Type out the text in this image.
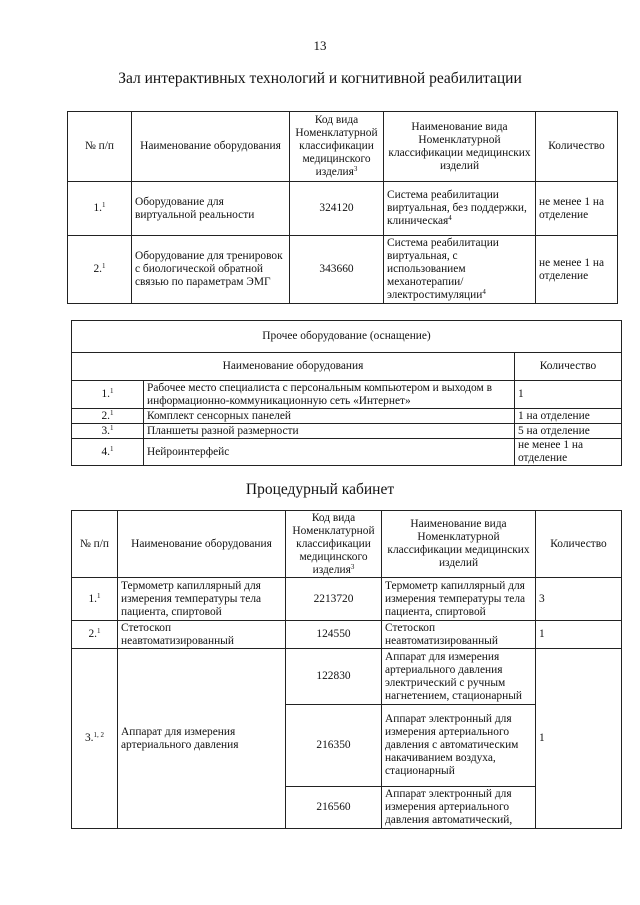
13
Зал интерактивных технологий и когнитивной реабилитации
№ п/п	Наименование оборудования	Код вида Номенклатурной классификации медицинского изделия$^3$	Наименование вида Номенклатурной классификации медицинских изделий	Количество
1.$^1$	Оборудование для виртуальной реальности	324120	Система реабилитации виртуальная, без поддержки, клиническая$^4$	не менее 1 на отделение
2.$^1$	Оборудование для тренировок с биологической обратной связью по параметрам ЭМГ	343660	Система реабилитации виртуальная, с использованием механотерапии/электростимуляции$^4$	не менее 1 на отделение
Прочее оборудование (оснащение)		
Наименование оборудования		Количество
1.$^1$	Рабочее место специалиста с персональным компьютером и выходом в информационно-коммуникационную сеть «Интернет»	1
2.$^1$	Комплект сенсорных панелей	1 на отделение
3.$^1$	Планшеты разной размерности	5 на отделение
4.$^1$	Нейроинтерфейс	не менее 1 на отделение
Процедурный кабинет
№ п/п	Наименование оборудования	Код вида Номенклатурной классификации медицинского изделия$^3$	Наименование вида Номенклатурной классификации медицинских изделий	Количество
1.$^1$	Термометр капиллярный для измерения температуры тела пациента, спиртовой	2213720	Термометр капиллярный для измерения температуры тела пациента, спиртовой	3
2.$^1$	Стетоскоп неавтоматизированный	124550	Стетоскоп неавтоматизированный	1
3.$^{1, 2}$	Аппарат для измерения артериального давления	122830	Аппарат для измерения артериального давления электрический с ручным нагнетением, стационарный	1
		216350	Аппарат электронный для измерения артериального давления с автоматическим накачиванием воздуха, стационарный	
		216560	Аппарат электронный для измерения артериального давления автоматический,	
